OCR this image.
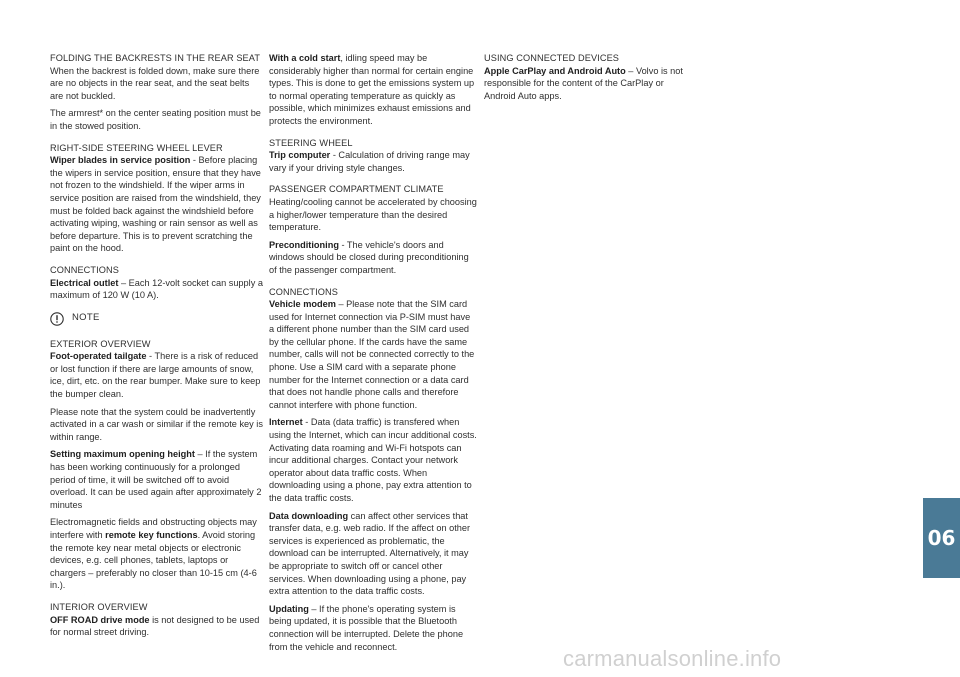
FOLDING THE BACKRESTS IN THE REAR SEAT

When the backrest is folded down, make sure there are no objects in the rear seat, and the seat belts are not buckled.

The armrest* on the center seating position must be in the stowed position.

RIGHT-SIDE STEERING WHEEL LEVER

Wiper blades in service position - Before placing the wipers in service position, ensure that they have not frozen to the windshield. If the wiper arms in service position are raised from the windshield, they must be folded back against the windshield before activating wiping, washing or rain sensor as well as before departure. This is to prevent scratching the paint on the hood.

CONNECTIONS

Electrical outlet – Each 12-volt socket can supply a maximum of 120 W (10 A).

NOTE
EXTERIOR OVERVIEW

Foot-operated tailgate - There is a risk of reduced or lost function if there are large amounts of snow, ice, dirt, etc. on the rear bumper. Make sure to keep the bumper clean.

Please note that the system could be inadvertently activated in a car wash or similar if the remote key is within range.

Setting maximum opening height – If the system has been working continuously for a prolonged period of time, it will be switched off to avoid overload. It can be used again after approximately 2 minutes

Electromagnetic fields and obstructing objects may interfere with remote key functions. Avoid storing the remote key near metal objects or electronic devices, e.g. cell phones, tablets, laptops or chargers – preferably no closer than 10-15 cm (4-6 in.).

INTERIOR OVERVIEW

OFF ROAD drive mode is not designed to be used for normal street driving.

With a cold start, idling speed may be considerably higher than normal for certain engine types. This is done to get the emissions system up to normal operating temperature as quickly as possible, which minimizes exhaust emissions and protects the environment.

STEERING WHEEL

Trip computer - Calculation of driving range may vary if your driving style changes.

PASSENGER COMPARTMENT CLIMATE

Heating/cooling cannot be accelerated by choosing a higher/lower temperature than the desired temperature.

Preconditioning - The vehicle's doors and windows should be closed during preconditioning of the passenger compartment.

CONNECTIONS

Vehicle modem – Please note that the SIM card used for Internet connection via P-SIM must have a different phone number than the SIM card used by the cellular phone. If the cards have the same number, calls will not be connected correctly to the phone. Use a SIM card with a separate phone number for the Internet connection or a data card that does not handle phone calls and therefore cannot interfere with phone function.

Internet - Data (data traffic) is transfered when using the Internet, which can incur additional costs. Activating data roaming and Wi-Fi hotspots can incur additional charges. Contact your network operator about data traffic costs. When downloading using a phone, pay extra attention to the data traffic costs.

Data downloading can affect other services that transfer data, e.g. web radio. If the affect on other services is experienced as problematic, the download can be interrupted. Alternatively, it may be appropriate to switch off or cancel other services. When downloading using a phone, pay extra attention to the data traffic costs.

Updating – If the phone's operating system is being updated, it is possible that the Bluetooth connection will be interrupted. Delete the phone from the vehicle and reconnect.

USING CONNECTED DEVICES

Apple CarPlay and Android Auto – Volvo is not responsible for the content of the CarPlay or Android Auto apps.

06
carmanualsonline.info
